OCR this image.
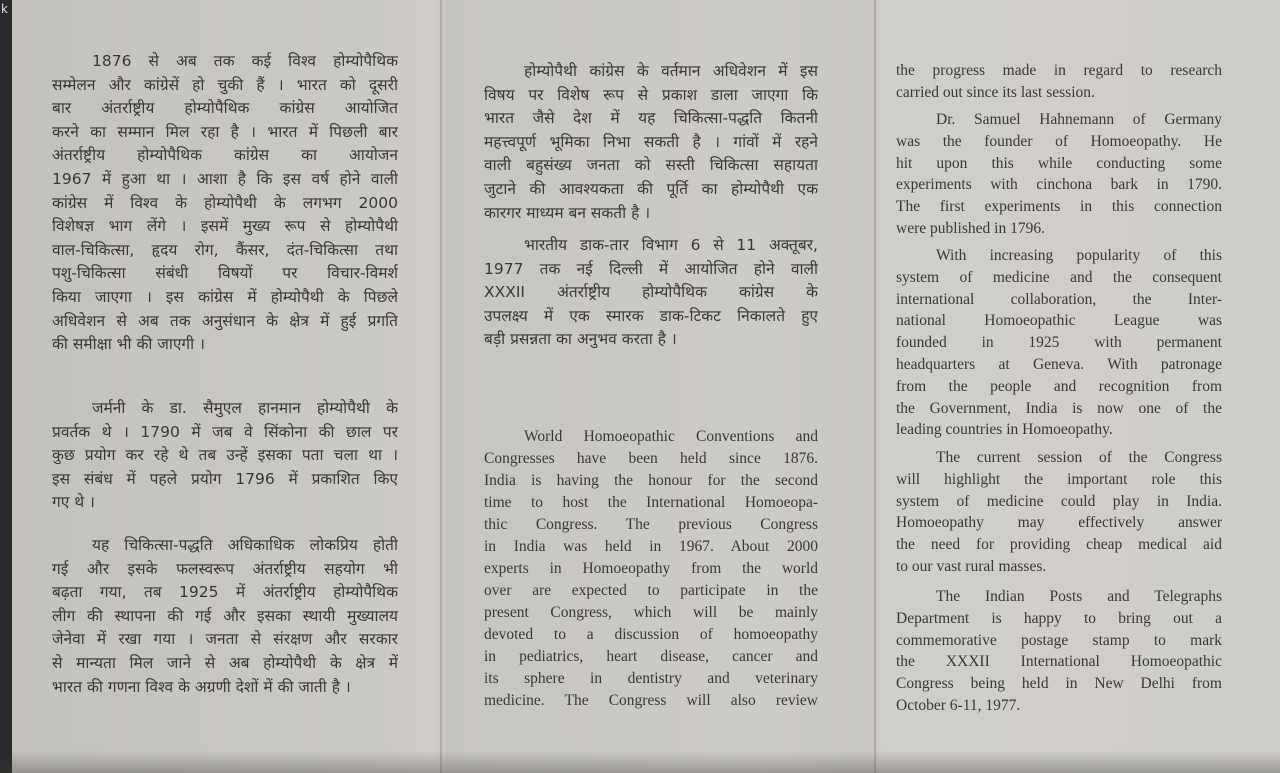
k
1876 से अब तक कई विश्व होम्योपैथिक
सम्मेलन और कांग्रेसें हो चुकी हैं । भारत को दूसरी
बार अंतर्राष्ट्रीय होम्योपैथिक कांग्रेस आयोजित
करने का सम्मान मिल रहा है । भारत में पिछली बार
अंतर्राष्ट्रीय होम्योपैथिक कांग्रेस का आयोजन
1967 में हुआ था । आशा है कि इस वर्ष होने वाली
कांग्रेस में विश्व के होम्योपैथी के लगभग 2000
विशेषज्ञ भाग लेंगे । इसमें मुख्य रूप से होम्योपैथी
वाल-चिकित्सा, हृदय रोग, कैंसर, दंत-चिकित्सा तथा
पशु-चिकित्सा संबंधी विषयों पर विचार-विमर्श
किया जाएगा । इस कांग्रेस में होम्योपैथी के पिछले
अधिवेशन से अब तक अनुसंधान के क्षेत्र में हुई प्रगति
की समीक्षा भी की जाएगी ।
जर्मनी के डा. सैमुएल हानमान होम्योपैथी के
प्रवर्तक थे । 1790 में जब वे सिंकोना की छाल पर
कुछ प्रयोग कर रहे थे तब उन्हें इसका पता चला था ।
इस संबंध में पहले प्रयोग 1796 में प्रकाशित किए
गए थे ।
यह चिकित्सा-पद्धति अधिकाधिक लोकप्रिय होती
गई और इसके फलस्वरूप अंतर्राष्ट्रीय सहयोग भी
बढ़ता गया, तब 1925 में अंतर्राष्ट्रीय होम्योपैथिक
लीग की स्थापना की गई और इसका स्थायी मुख्यालय
जेनेवा में रखा गया । जनता से संरक्षण और सरकार
से मान्यता मिल जाने से अब होम्योपैथी के क्षेत्र में
भारत की गणना विश्व के अग्रणी देशों में की जाती है ।
होम्योपैथी कांग्रेस के वर्तमान अधिवेशन में इस
विषय पर विशेष रूप से प्रकाश डाला जाएगा कि
भारत जैसे देश में यह चिकित्सा-पद्धति कितनी
महत्त्वपूर्ण भूमिका निभा सकती है । गांवों में रहने
वाली बहुसंख्य जनता को सस्ती चिकित्सा सहायता
जुटाने की आवश्यकता की पूर्ति का होम्योपैथी एक
कारगर माध्यम बन सकती है ।
भारतीय डाक-तार विभाग 6 से 11 अक्तूबर,
1977 तक नई दिल्ली में आयोजित होने वाली
XXXII अंतर्राष्ट्रीय होम्योपैथिक कांग्रेस के
उपलक्ष्य में एक स्मारक डाक-टिकट निकालते हुए
बड़ी प्रसन्नता का अनुभव करता है ।
World Homoeopathic Conventions and
Congresses have been held since 1876.
India is having the honour for the second
time to host the International Homoeopa-
thic Congress. The previous Congress
in India was held in 1967. About 2000
experts in Homoeopathy from the world
over are expected to participate in the
present Congress, which will be mainly
devoted to a discussion of homoeopathy
in pediatrics, heart disease, cancer and
its sphere in dentistry and veterinary
medicine. The Congress will also review
the progress made in regard to research
carried out since its last session.
Dr. Samuel Hahnemann of Germany
was the founder of Homoeopathy. He
hit upon this while conducting some
experiments with cinchona bark in 1790.
The first experiments in this connection
were published in 1796.
With increasing popularity of this
system of medicine and the consequent
international collaboration, the Inter-
national Homoeopathic League was
founded in 1925 with permanent
headquarters at Geneva. With patronage
from the people and recognition from
the Government, India is now one of the
leading countries in Homoeopathy.
The current session of the Congress
will highlight the important role this
system of medicine could play in India.
Homoeopathy may effectively answer
the need for providing cheap medical aid
to our vast rural masses.
The Indian Posts and Telegraphs
Department is happy to bring out a
commemorative postage stamp to mark
the XXXII International Homoeopathic
Congress being held in New Delhi from
October 6-11, 1977.
